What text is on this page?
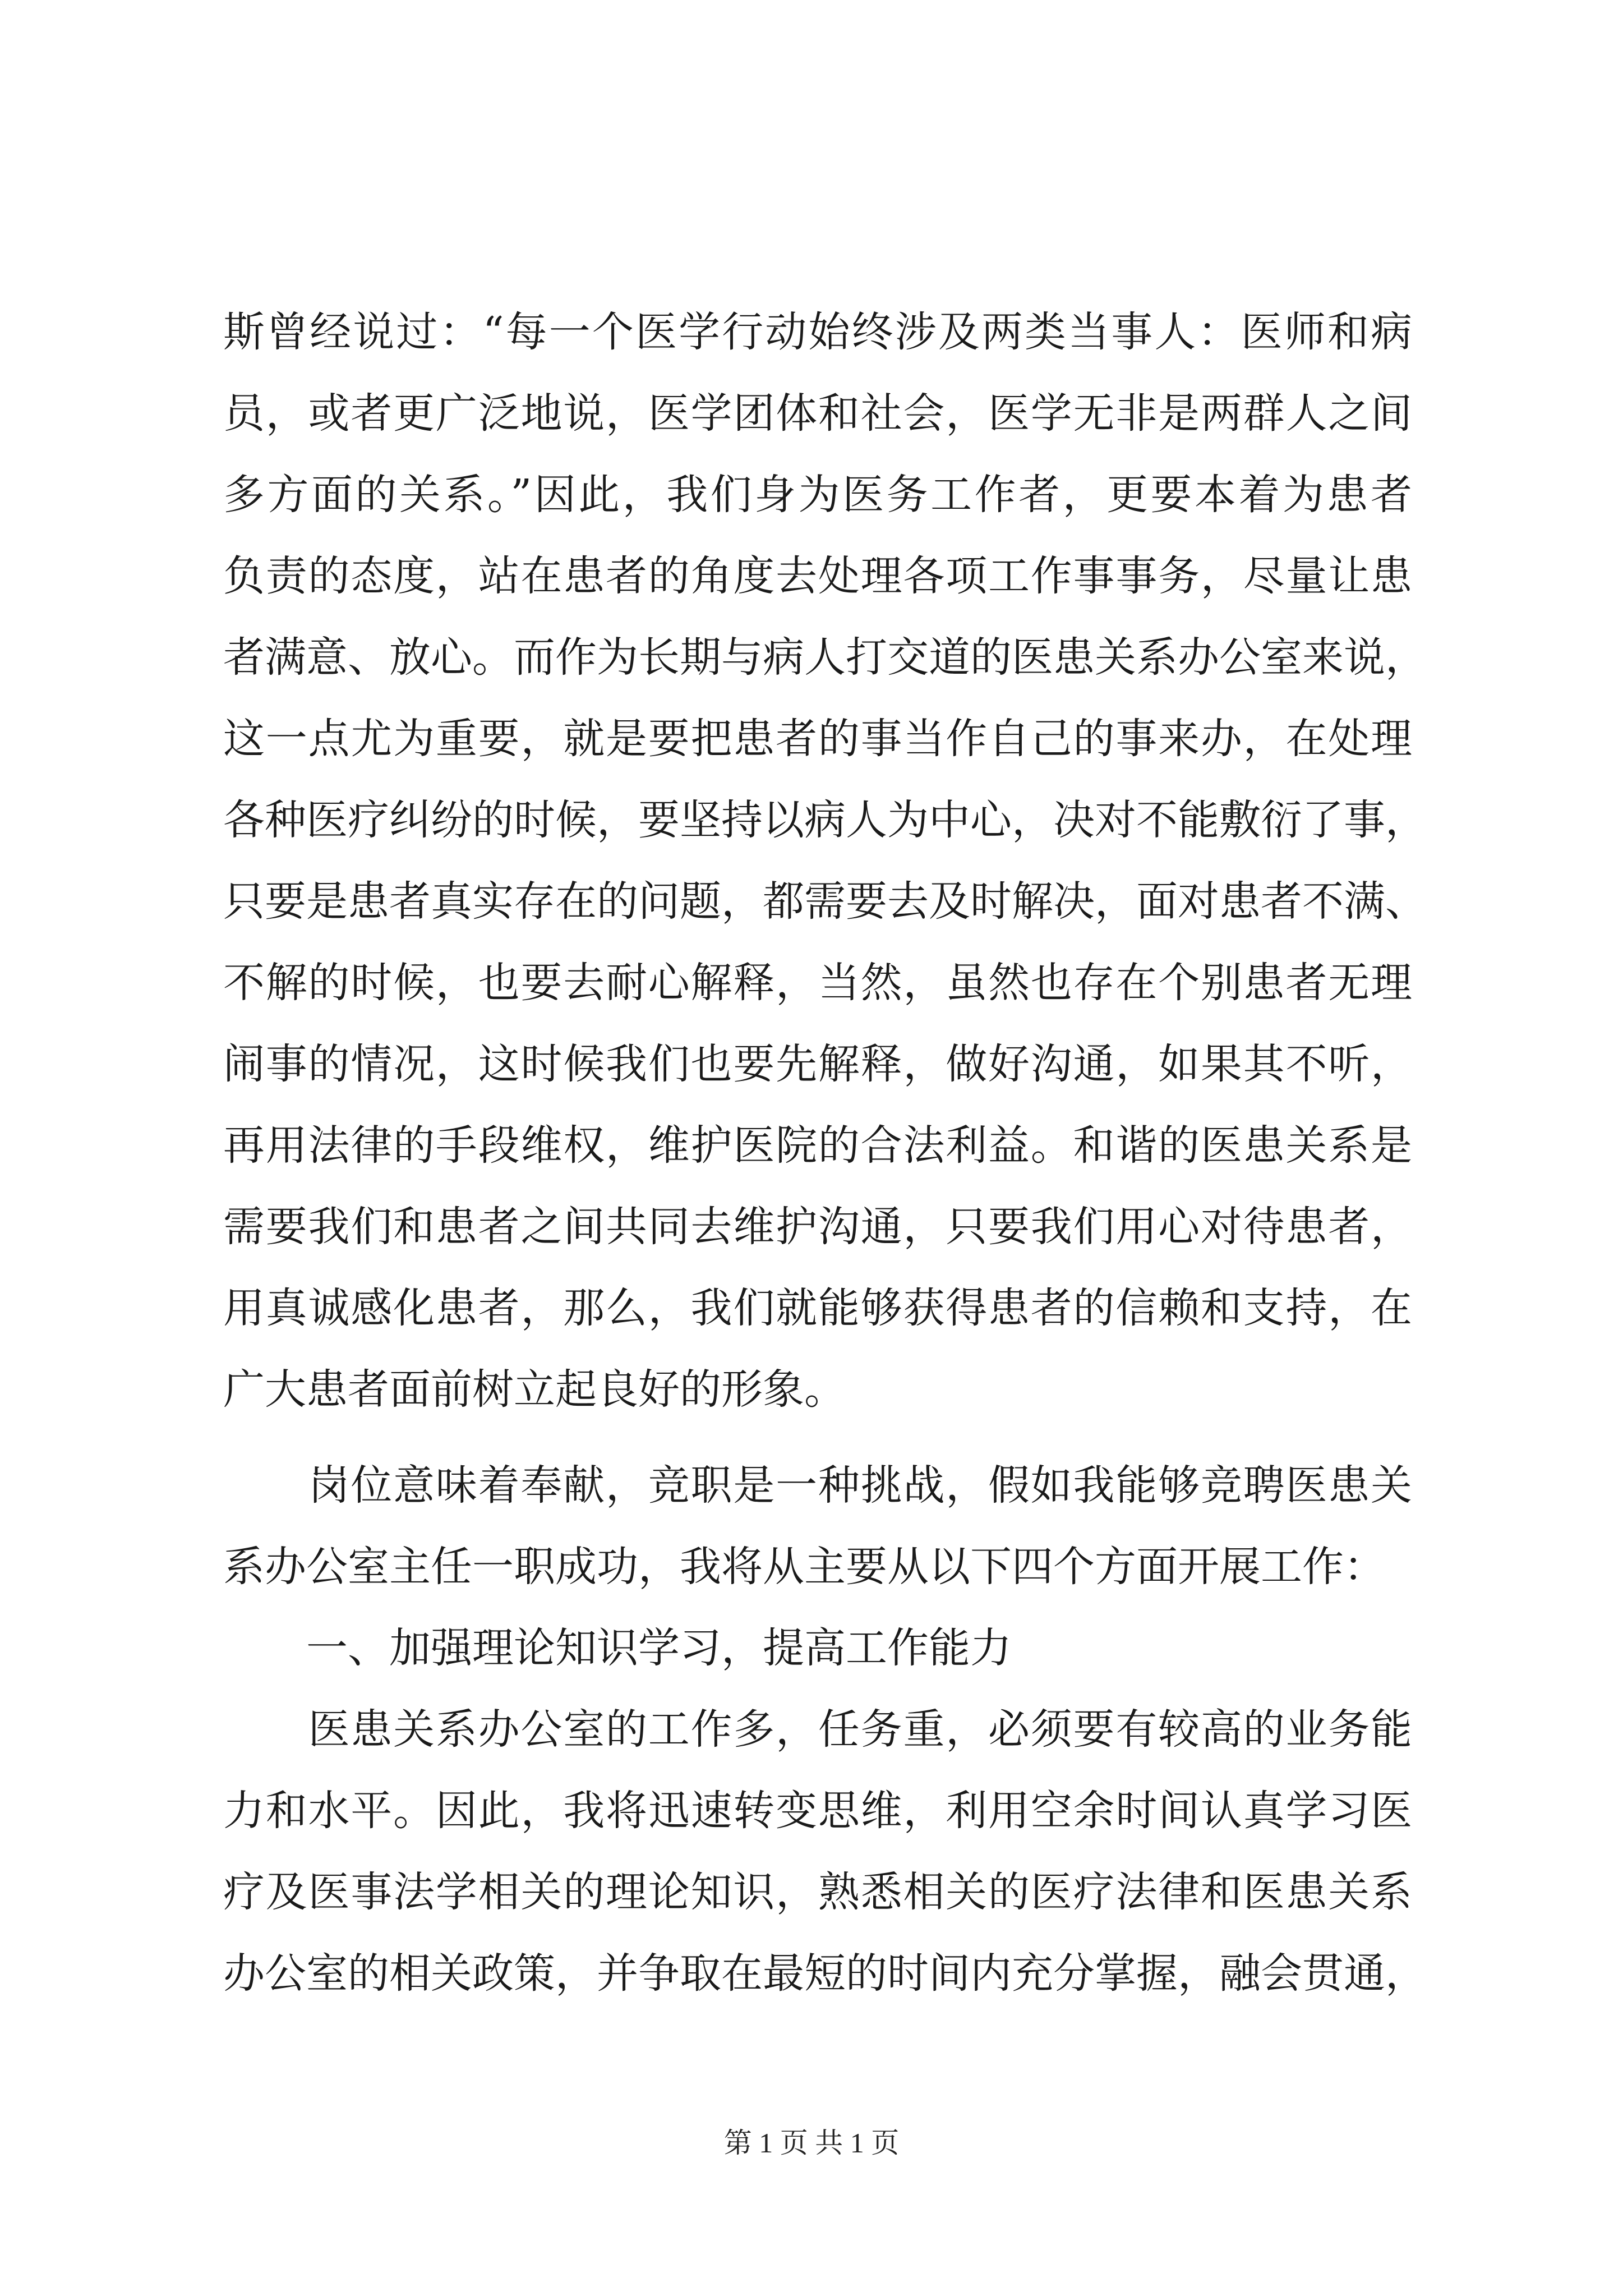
斯曾经说过：“每一个医学行动始终涉及两类当事人：医师和病
员，或者更广泛地说，医学团体和社会，医学无非是两群人之间
多方面的关系。”因此，我们身为医务工作者，更要本着为患者
负责的态度，站在患者的角度去处理各项工作事事务，尽量让患
者满意、放心。而作为长期与病人打交道的医患关系办公室来说，
这一点尤为重要，就是要把患者的事当作自己的事来办，在处理
各种医疗纠纷的时候，要坚持以病人为中心，决对不能敷衍了事，
只要是患者真实存在的问题，都需要去及时解决，面对患者不满、
不解的时候，也要去耐心解释，当然，虽然也存在个别患者无理
闹事的情况，这时候我们也要先解释，做好沟通，如果其不听，
再用法律的手段维权，维护医院的合法利益。和谐的医患关系是
需要我们和患者之间共同去维护沟通，只要我们用心对待患者，
用真诚感化患者，那么，我们就能够获得患者的信赖和支持，在
广大患者面前树立起良好的形象。
　　岗位意味着奉献，竞职是一种挑战，假如我能够竞聘医患关
系办公室主任一职成功，我将从主要从以下四个方面开展工作：
　　一、加强理论知识学习，提高工作能力
　　医患关系办公室的工作多，任务重，必须要有较高的业务能
力和水平。因此，我将迅速转变思维，利用空余时间认真学习医
疗及医事法学相关的理论知识，熟悉相关的医疗法律和医患关系
办公室的相关政策，并争取在最短的时间内充分掌握，融会贯通，
第 1 页 共 1 页
